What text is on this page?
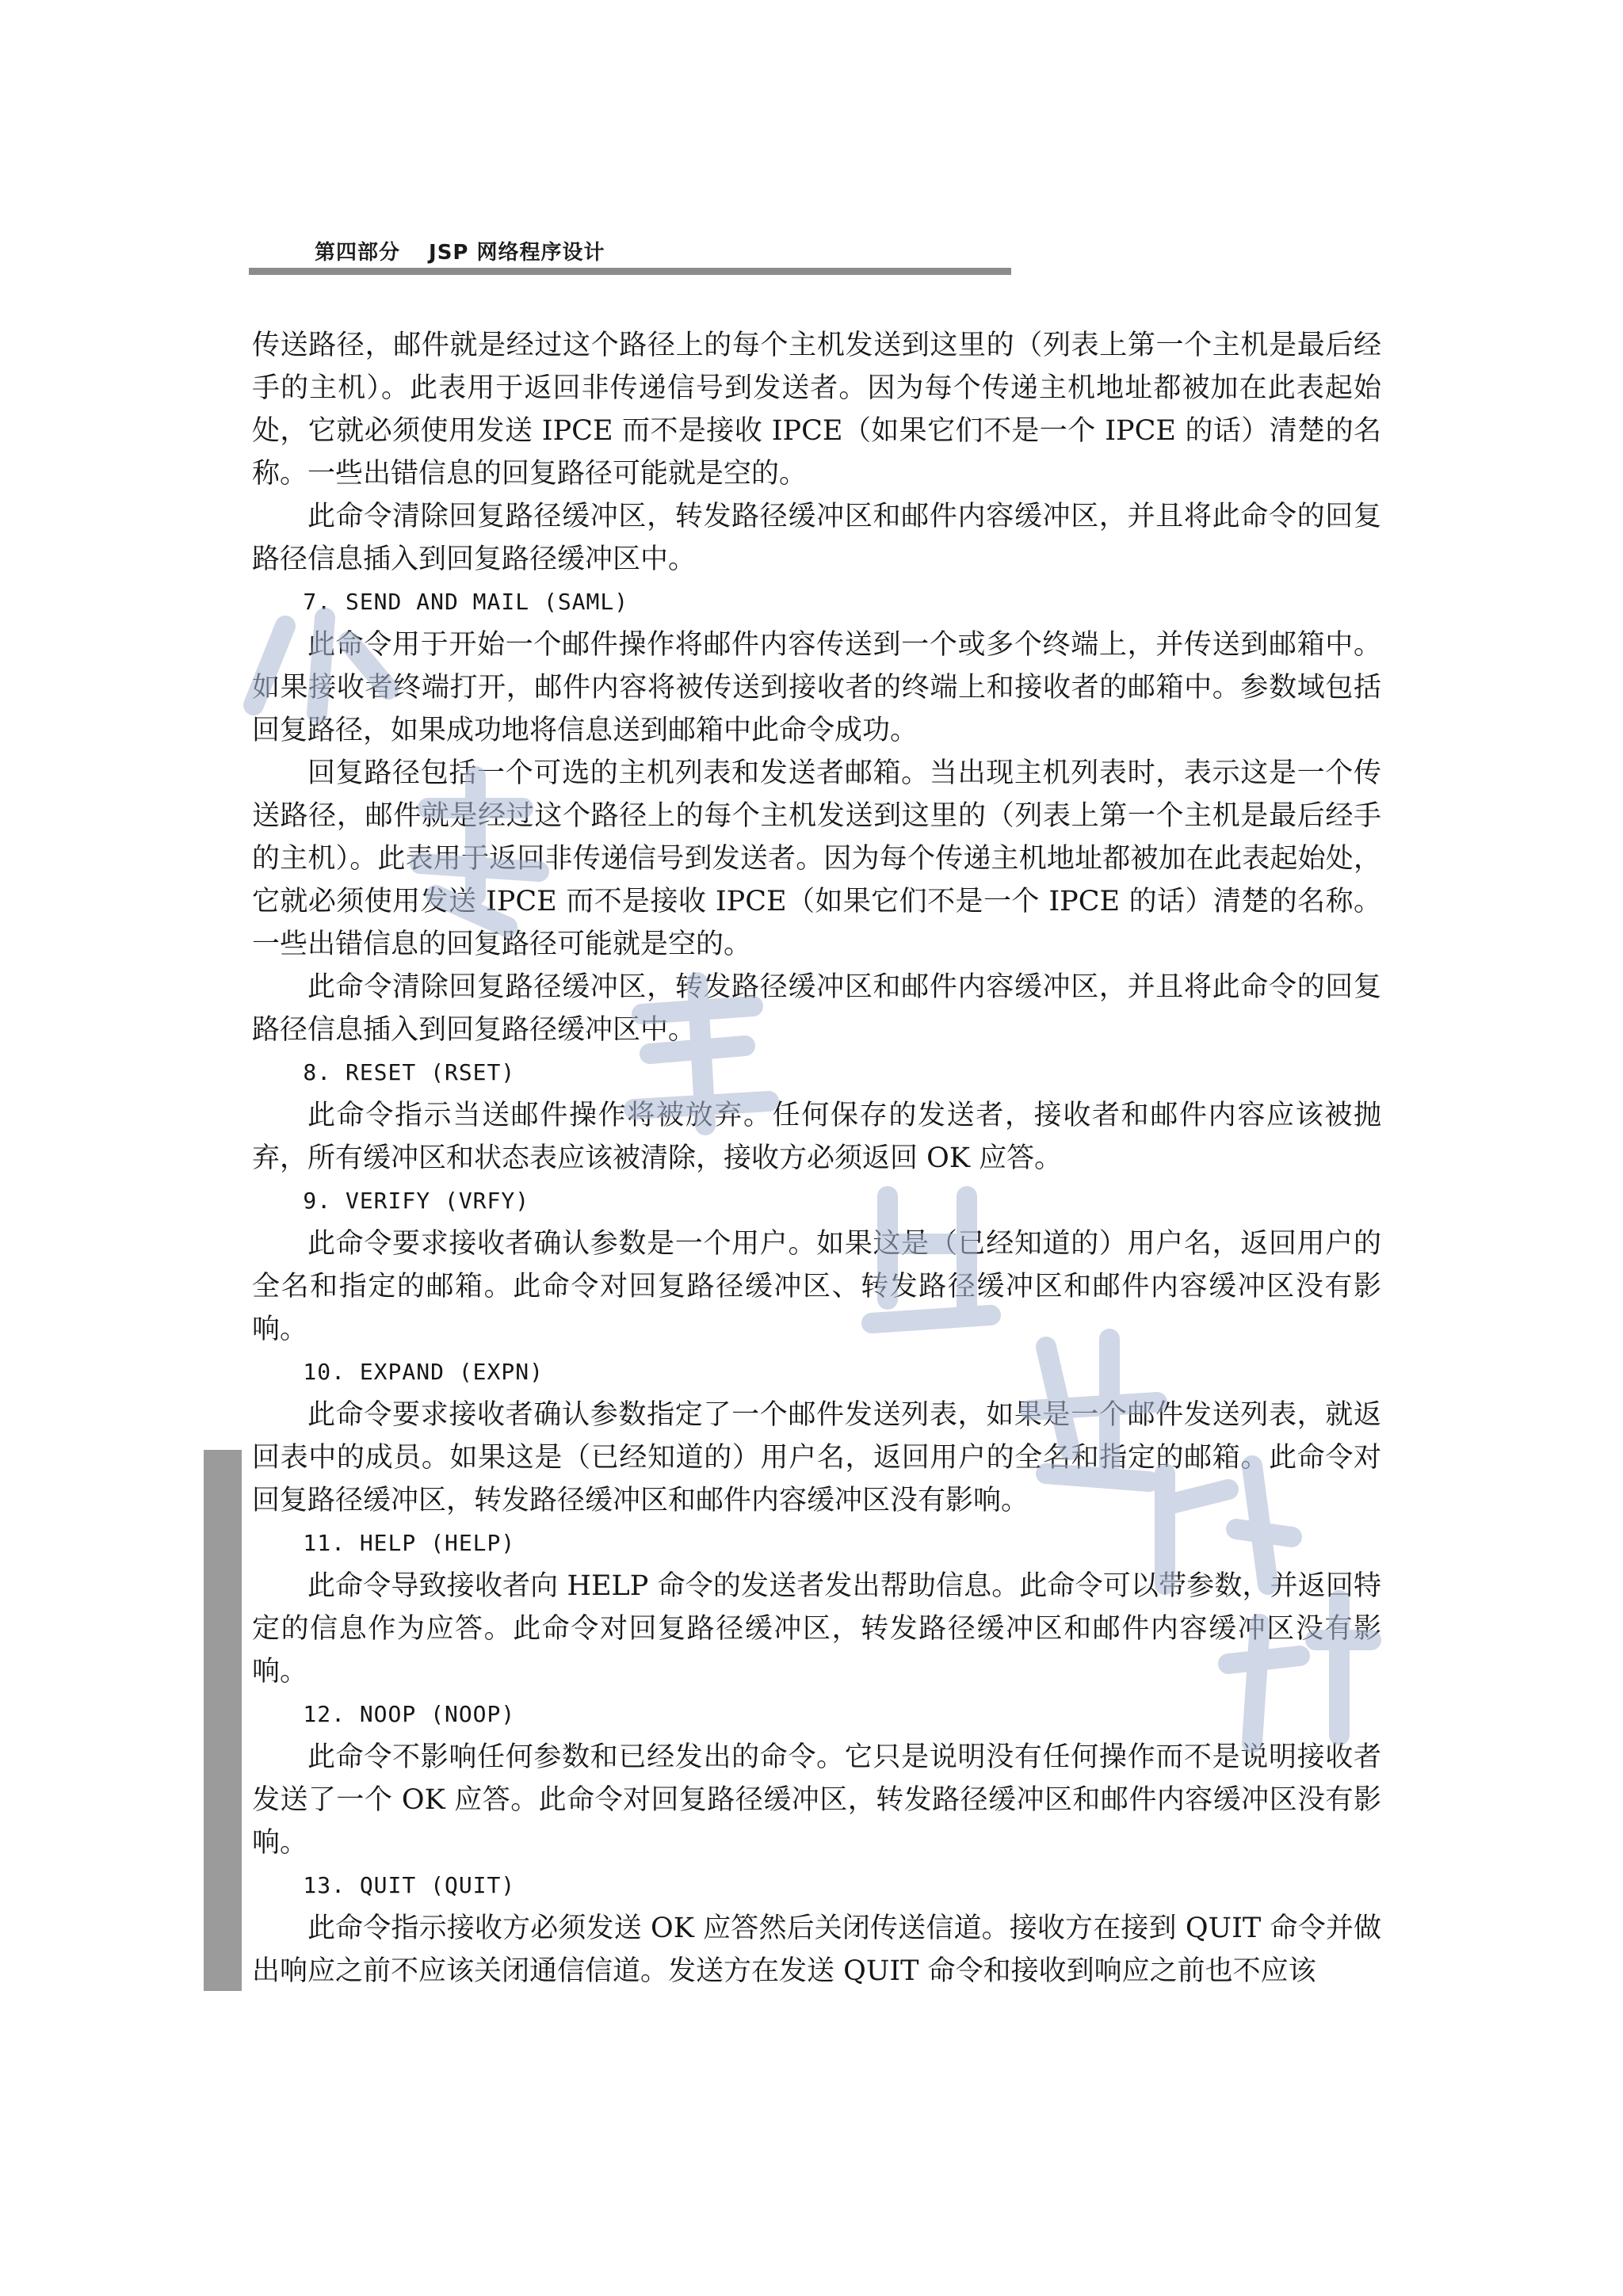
第四部分 JSP 网络程序设计

传送路径，邮件就是经过这个路径上的每个主机发送到这里的（列表上第一个主机是最后经手的主机）。此表用于返回非传递信号到发送者。因为每个传递主机地址都被加在此表起始处，它就必须使用发送 IPCE 而不是接收 IPCE（如果它们不是一个 IPCE 的话）清楚的名称。一些出错信息的回复路径可能就是空的。

此命令清除回复路径缓冲区，转发路径缓冲区和邮件内容缓冲区，并且将此命令的回复路径信息插入到回复路径缓冲区中。

7. SEND AND MAIL (SAML)

此命令用于开始一个邮件操作将邮件内容传送到一个或多个终端上，并传送到邮箱中。如果接收者终端打开，邮件内容将被传送到接收者的终端上和接收者的邮箱中。参数域包括回复路径，如果成功地将信息送到邮箱中此命令成功。

回复路径包括一个可选的主机列表和发送者邮箱。当出现主机列表时，表示这是一个传送路径，邮件就是经过这个路径上的每个主机发送到这里的（列表上第一个主机是最后经手的主机）。此表用于返回非传递信号到发送者。因为每个传递主机地址都被加在此表起始处，它就必须使用发送 IPCE 而不是接收 IPCE（如果它们不是一个 IPCE 的话）清楚的名称。一些出错信息的回复路径可能就是空的。

此命令清除回复路径缓冲区，转发路径缓冲区和邮件内容缓冲区，并且将此命令的回复路径信息插入到回复路径缓冲区中。

8. RESET (RSET)

此命令指示当送邮件操作将被放弃。任何保存的发送者，接收者和邮件内容应该被抛弃，所有缓冲区和状态表应该被清除，接收方必须返回 OK 应答。

9. VERIFY (VRFY)

此命令要求接收者确认参数是一个用户。如果这是（已经知道的）用户名，返回用户的全名和指定的邮箱。此命令对回复路径缓冲区、转发路径缓冲区和邮件内容缓冲区没有影响。

10. EXPAND (EXPN)

此命令要求接收者确认参数指定了一个邮件发送列表，如果是一个邮件发送列表，就返回表中的成员。如果这是（已经知道的）用户名，返回用户的全名和指定的邮箱。此命令对回复路径缓冲区，转发路径缓冲区和邮件内容缓冲区没有影响。

11. HELP (HELP)

此命令导致接收者向 HELP 命令的发送者发出帮助信息。此命令可以带参数，并返回特定的信息作为应答。此命令对回复路径缓冲区，转发路径缓冲区和邮件内容缓冲区没有影响。

12. NOOP (NOOP)

此命令不影响任何参数和已经发出的命令。它只是说明没有任何操作而不是说明接收者发送了一个 OK 应答。此命令对回复路径缓冲区，转发路径缓冲区和邮件内容缓冲区没有影响。

13. QUIT (QUIT)

此命令指示接收方必须发送 OK 应答然后关闭传送信道。接收方在接到 QUIT 命令并做出响应之前不应该关闭通信信道。发送方在发送 QUIT 命令和接收到响应之前也不应该
